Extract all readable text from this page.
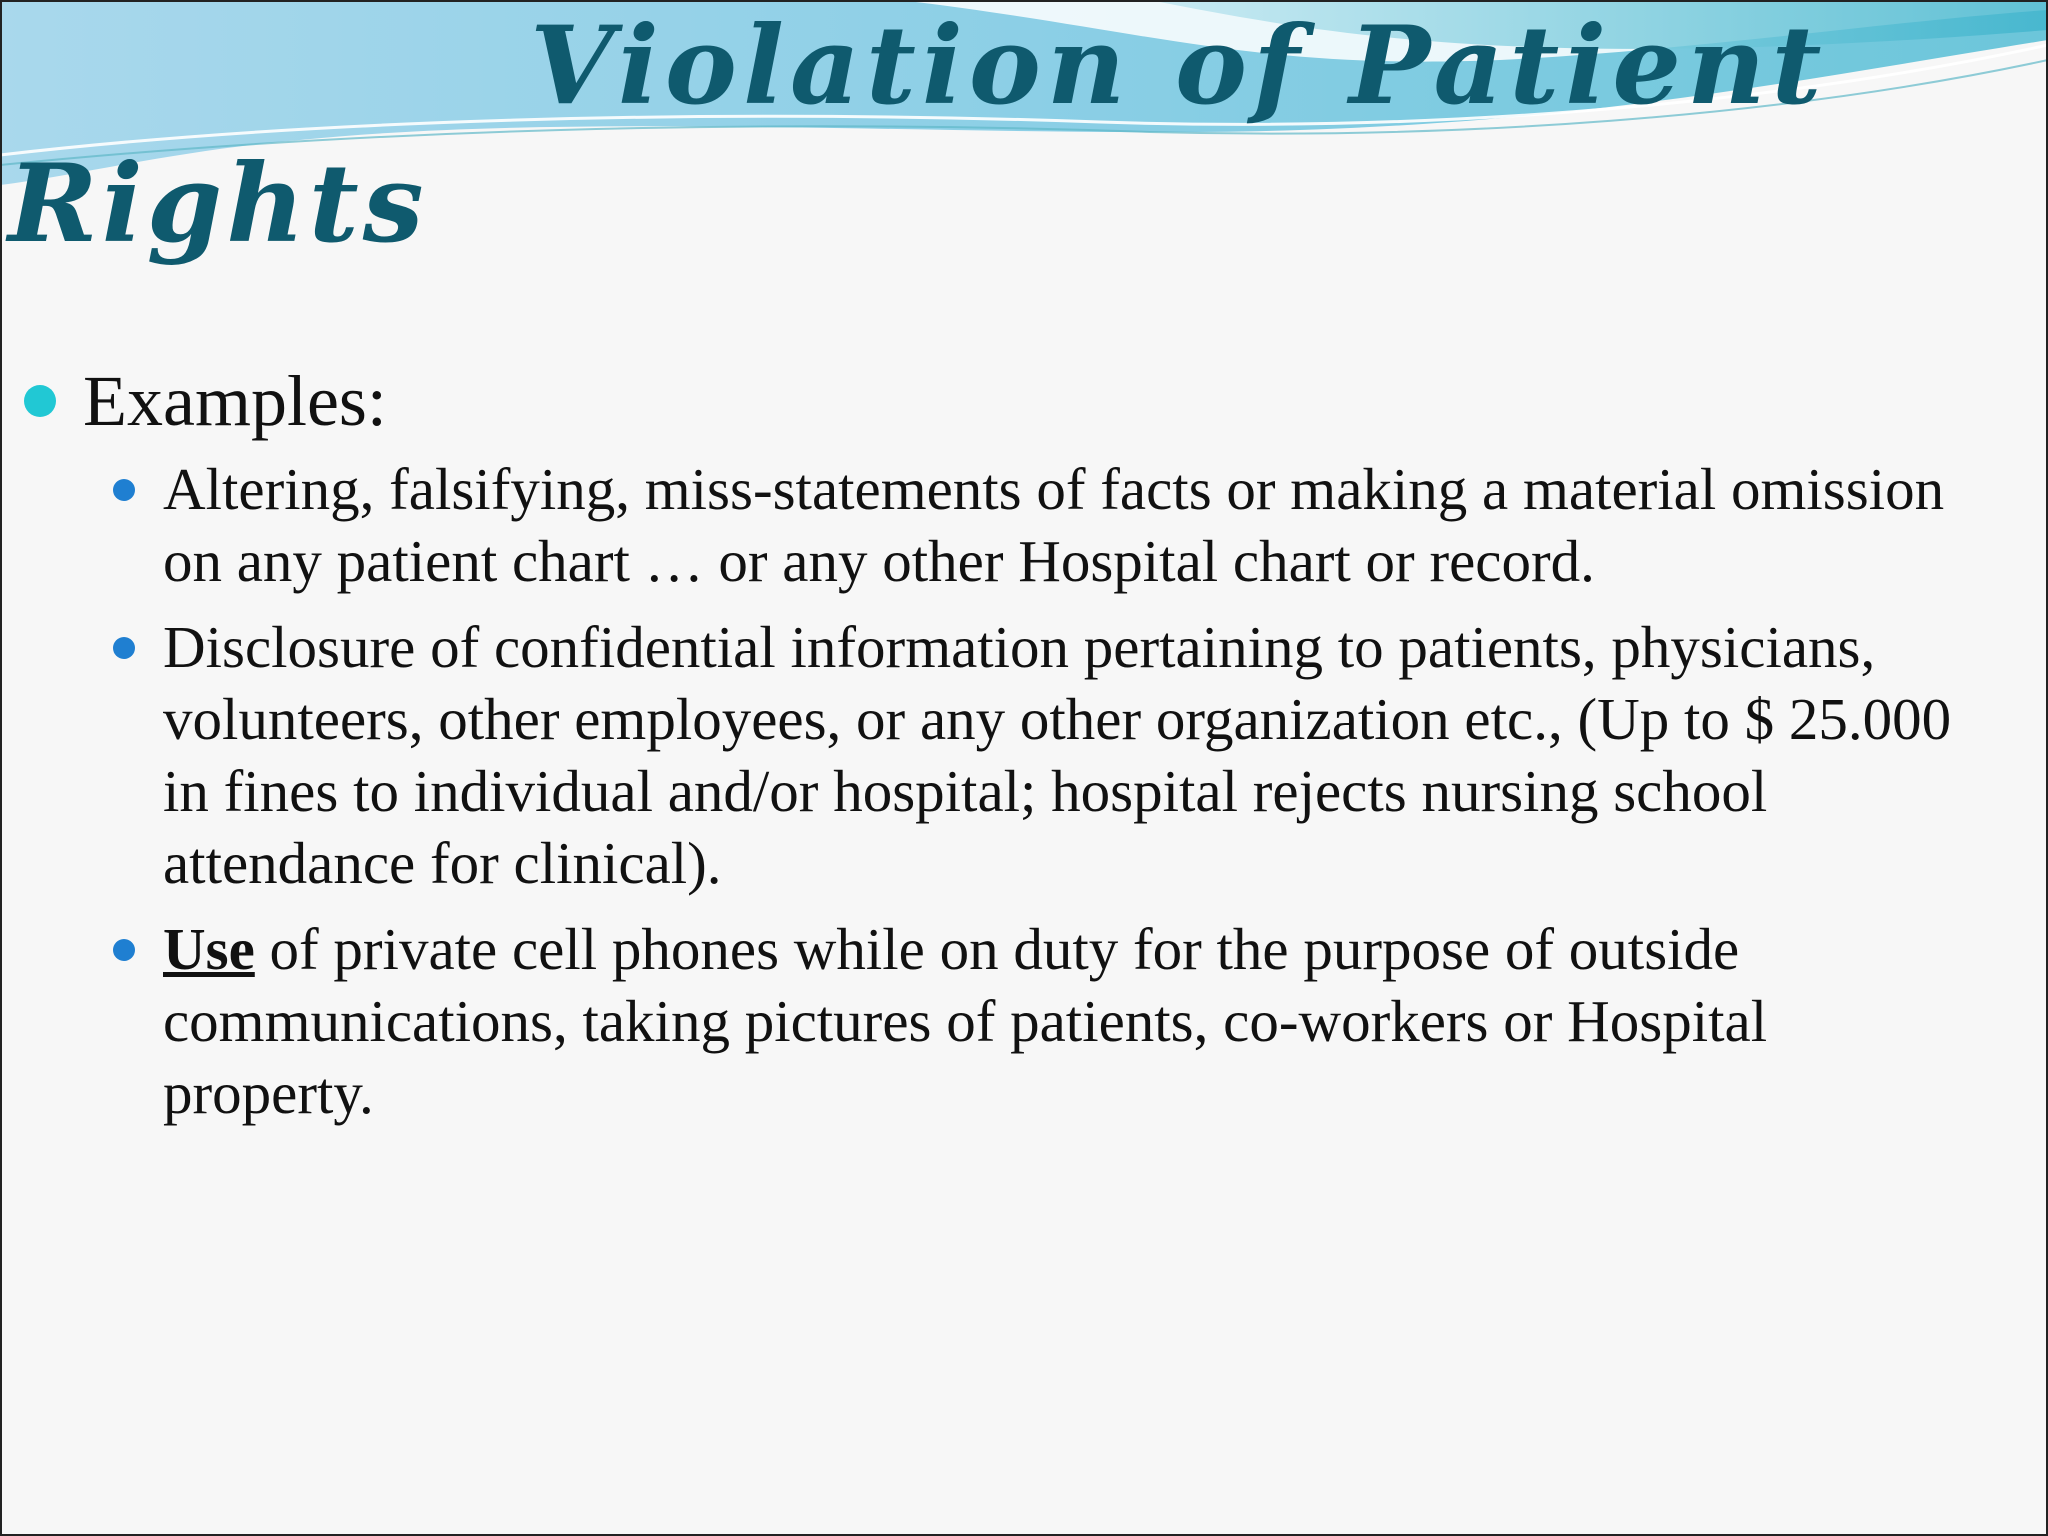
Violation of Patient
Rights
Examples:
Altering, falsifying, miss-statements of facts or making a material omission on any patient chart … or any other Hospital chart or record.
Disclosure of confidential information pertaining to patients, physicians, volunteers, other employees, or any other organization etc., (Up to $ 25.000 in fines to individual and/or hospital; hospital rejects nursing school attendance for clinical).
Use of private cell phones while on duty for the purpose of outside communications, taking pictures of patients, co-workers or Hospital property.
